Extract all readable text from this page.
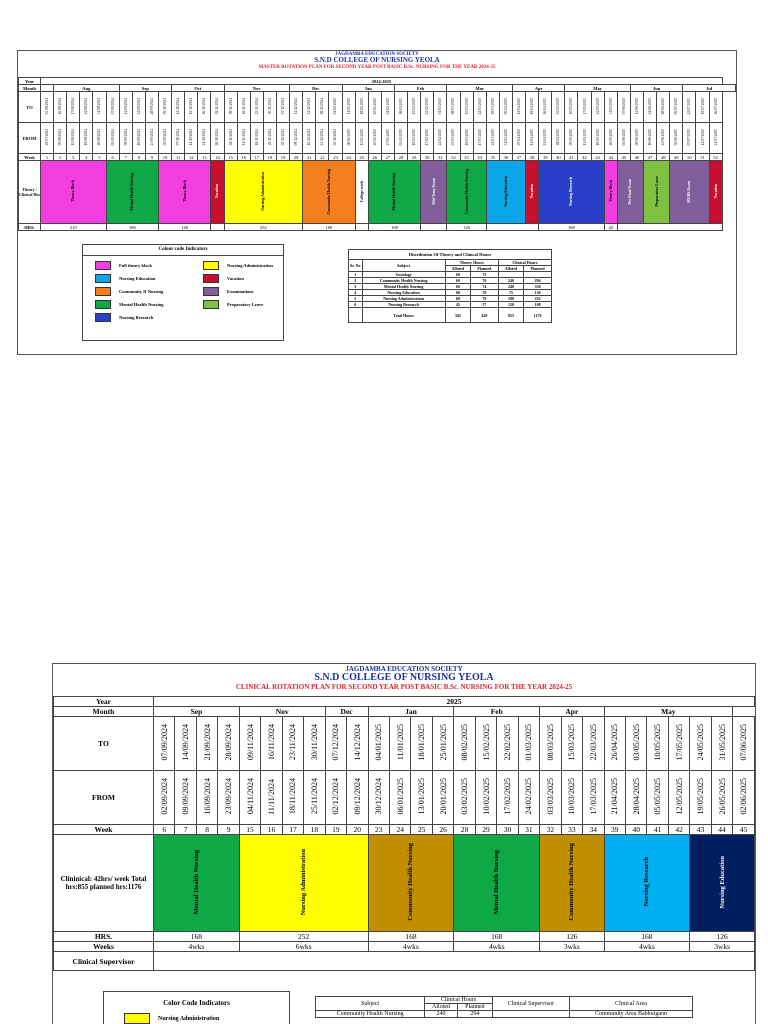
JAGDAMBA EDUCATION SOCIETY
S.N.D COLLEGE OF NURSING YEOLA
MASTER ROTATION PLAN FOR SECOND YEAR POST BASIC B.Sc. NURSING FOR THE YEAR 2024-25
Year	2024-2025																																																			
Month		Aug					Sep				Oct				Nov					Dec				Jan				Feb				Mar					Apr				May					Jun				Jul		
TO	03/08/2024	10/08/2024	17/08/2024	24/08/2024	31/08/2024	07/09/2024	14/09/2024	21/09/2024	28/09/2024	05/10/2024	12/10/2024	19/10/2024	26/10/2024	02/11/2024	09/11/2024	16/11/2024	23/11/2024	30/11/2024	07/12/2024	14/12/2024	21/12/2024	28/12/2024	04/01/2025	11/01/2025	18/01/2025	25/01/2025	01/02/2025	08/02/2025	15/02/2025	22/02/2025	01/03/2025	08/03/2025	15/03/2025	22/03/2025	29/03/2025	05/04/2025	12/04/2025	19/04/2025	26/04/2025	03/05/2025	10/05/2025	17/05/2025	24/05/2025	31/05/2025	07/06/2025	14/06/2025	21/06/2025	28/06/2025	05/07/2025	12/07/2025	19/07/2025	26/07/2025
FROM	29/07/2024	05/08/2024	12/08/2024	19/08/2024	26/08/2024	02/09/2024	09/09/2024	16/09/2024	23/09/2024	30/09/2024	07/10/2024	14/10/2024	21/10/2024	28/10/2024	04/11/2024	11/11/2024	18/11/2024	25/11/2024	02/12/2024	09/12/2024	16/12/2024	23/12/2024	30/12/2024	06/01/2025	13/01/2025	20/01/2025	27/01/2025	03/02/2025	10/02/2025	17/02/2025	24/02/2025	03/03/2025	10/03/2025	17/03/2025	24/03/2025	31/03/2025	07/04/2025	14/04/2025	21/04/2025	28/04/2025	05/05/2025	12/05/2025	19/05/2025	26/05/2025	02/06/2025	09/06/2025	16/06/2025	23/06/2025	30/06/2025	07/07/2025	14/07/2025	21/07/2025
Week	1	2	3	4	5	6	7	8	9	10	11	12	13	14	15	16	17	18	19	20	21	22	23	24	25	26	27	28	29	30	31	32	33	34	35	36	37	38	39	40	41	42	43	44	45	46	47	48	49	50	51	52
Theory / Clinical Hrs	Theory Block					Mental Health Nursing				Theory Block				Vacation	Nursing Administration						Community Health Nursing				College week	Mental Health Nursing				Mid Term Exam		Community Health Nursing			Nursing Education			Vacation	Nursing Research					Theory Block	Pre Final Exam		Preparatory Leave		MUHS Exam			Vacation
HRS.	210					168				168					252						168					168						126							168					42								
Colour code Indicators
Full theory block	Nursing Administration
Nursing Education	Vacation
Community II Nursing	Examinations
Mental Health Nursing	Preparatory Leave
Nursing Research
Distribution Of Theory and Clinical Hours
Sr. No	Subject	Theory Hours		Clinical Hours	
		Alloted	Planned	Alloted	Planned
1	Sociology	60	73		
2	Community Health Nursing	60	76	240	294
3	Mental Health Nursing	60	74	240	336
4	Nursing Education	60	70	75	126
5	Nursing Administration	60	70	180	252
6	Nursing Research	45	57	120	168
	Total Hours	345	420	855	1176
JAGDAMBA EDUCATION SOCIETY
S.N.D COLLEGE OF NURSING YEOLA
CLINICAL ROTATION PLAN FOR SECOND YEAR POST BASIC B.Sc. NURSING FOR THE YEAR 2024-25
Year	2025																											
Month	Sep				Nov				Dec		Jan				Feb				Apr			May						
TO	07/09/2024	14/09/2024	21/09/2024	28/09/2024	09/11/2024	16/11/2024	23/11/2024	30/11/2024	07/12/2024	14/12/2024	04/01/2025	11/01/2025	18/01/2025	25/01/2025	08/02/2025	15/02/2025	22/02/2025	01/03/2025	08/03/2025	15/03/2025	22/03/2025	26/04/2025	03/05/2025	10/05/2025	17/05/2025	24/05/2025	31/05/2025	07/06/2025
FROM	02/09/2024	09/09/2024	16/09/2024	23/09/2024	04/11/2024	11/11/2024	18/11/2024	25/11/2024	02/12/2024	09/12/2024	30/12/2024	06/01/2025	13/01/2025	20/01/2025	03/02/2025	10/02/2025	17/02/2025	24/02/2025	03/03/2025	10/03/2025	17/03/2025	21/04/2025	28/04/2025	05/05/2025	12/05/2025	19/05/2025	26/05/2025	02/06/2025
Week	6	7	8	9	15	16	17	18	19	20	23	24	25	26	28	29	30	31	32	33	34	39	40	41	42	43	44	45
Clininical: 42hrs/ week Total hrs:855 planned hrs:1176	Mental Health Nursing				Nursing Administration						Community Health Nursing				Mental Health Nursing				Community Health Nursing			Nursing Research				Nursing Education		
HRS.	168				252						168				168				126			168				126		
Weeks	4wks				6wks						4wks				4wks				3wks			4wks				3wks		
Clinical Supervisor																												
Color Code Indicators
Nursing Administration
Subject	Clinical Hours		Clinical Supervisor	Clinical Area
	Alloted	Planned		
Community Health Nursing	240	294		Community Area Babhulgaon
